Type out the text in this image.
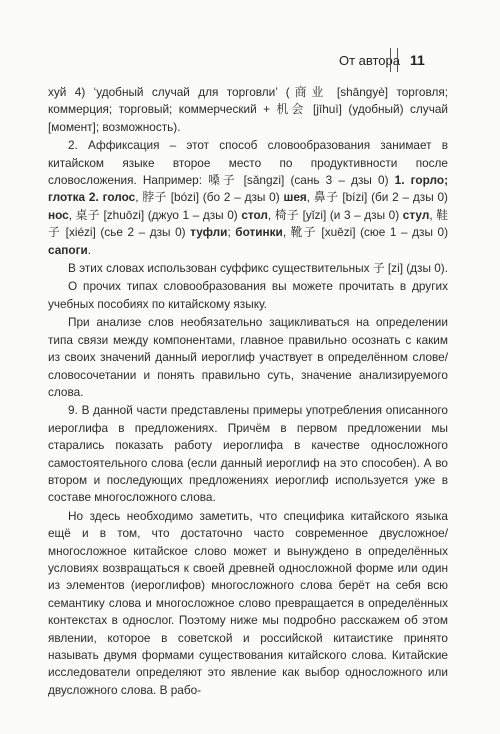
От автора 11

хуй 4) ‘удобный случай для торговли’ (商业 [shāngyè] торговля; коммерция; торговый; коммерческий + 机会 [jīhuì] (удобный) случай [момент]; возможность).

2. Аффиксация – этот способ словообразования занимает в китайском языке второе место по продуктивности после словосложения. Например: 嗓子 [sǎngzi] (сань 3 – дзы 0) 1. горло; глотка 2. голос, 脖子 [bózi] (бо 2 – дзы 0) шея, 鼻子 [bízi] (би 2 – дзы 0) нос, 桌子 [zhuōzi] (джуо 1 – дзы 0) стол, 椅子 [yǐzi] (и 3 – дзы 0) стул, 鞋子 [xiézi] (сье 2 – дзы 0) туфли; ботинки, 靴子 [xuēzi] (сюе 1 – дзы 0) сапоги.

В этих словах использован суффикс существительных 子 [zi] (дзы 0).

О прочих типах словообразования вы можете прочитать в других учебных пособиях по китайскому языку.

При анализе слов необязательно зацикливаться на определении типа связи между компонентами, главное правильно осознать с каким из своих значений данный иероглиф участвует в определённом слове/словосочетании и понять правильно суть, значение анализируемого слова.

9. В данной части представлены примеры употребления описанного иероглифа в предложениях. Причём в первом предложении мы старались показать работу иероглифа в качестве односложного самостоятельного слова (если данный иероглиф на это способен). А во втором и последующих предложениях иероглиф используется уже в составе многосложного слова.

Но здесь необходимо заметить, что специфика китайского языка ещё и в том, что достаточно часто современное двусложное/многосложное китайское слово может и вынуждено в определённых условиях возвращаться к своей древней односложной форме или один из элементов (иероглифов) многосложного слова берёт на себя всю семантику слова и многосложное слово превращается в определённых контекстах в однослог. Поэтому ниже мы подробно расскажем об этом явлении, которое в советской и российской китаистике принято называть двумя формами существования китайского слова. Китайские исследователи определяют это явление как выбор односложного или двусложного слова. В рабо-
